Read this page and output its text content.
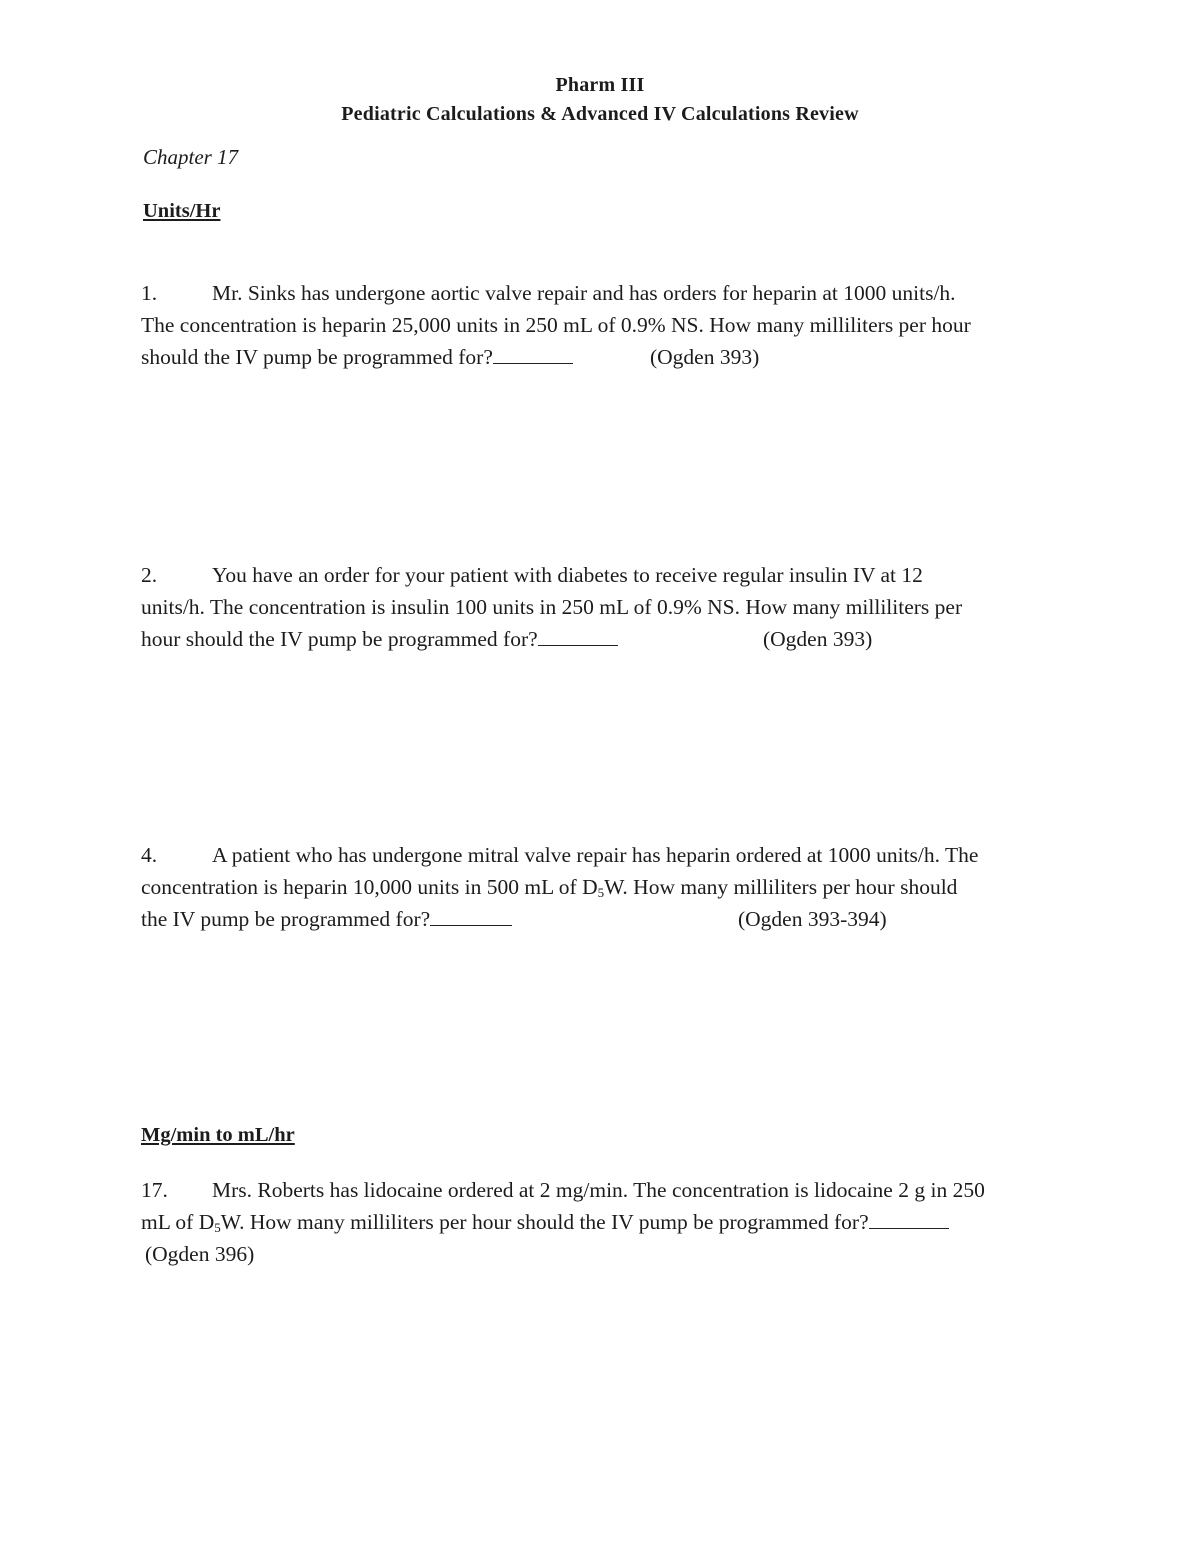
Pharm III
Pediatric Calculations & Advanced IV Calculations Review
Chapter 17
Units/Hr
1.	Mr. Sinks has undergone aortic valve repair and has orders for heparin at 1000 units/h.
The concentration is heparin 25,000 units in 250 mL of 0.9% NS. How many milliliters per hour
should the IV pump be programmed for?	(Ogden 393)
2.	You have an order for your patient with diabetes to receive regular insulin IV at 12
units/h. The concentration is insulin 100 units in 250 mL of 0.9% NS. How many milliliters per
hour should the IV pump be programmed for?	(Ogden 393)
4.	A patient who has undergone mitral valve repair has heparin ordered at 1000 units/h. The
concentration is heparin 10,000 units in 500 mL of $D_5W$. How many milliliters per hour should
the IV pump be programmed for?	(Ogden 393-394)
Mg/min to mL/hr
17. Mrs. Roberts has lidocaine ordered at 2 mg/min. The concentration is lidocaine 2 g in 250
mL of $D_5W$. How many milliliters per hour should the IV pump be programmed for?
(Ogden 396)
